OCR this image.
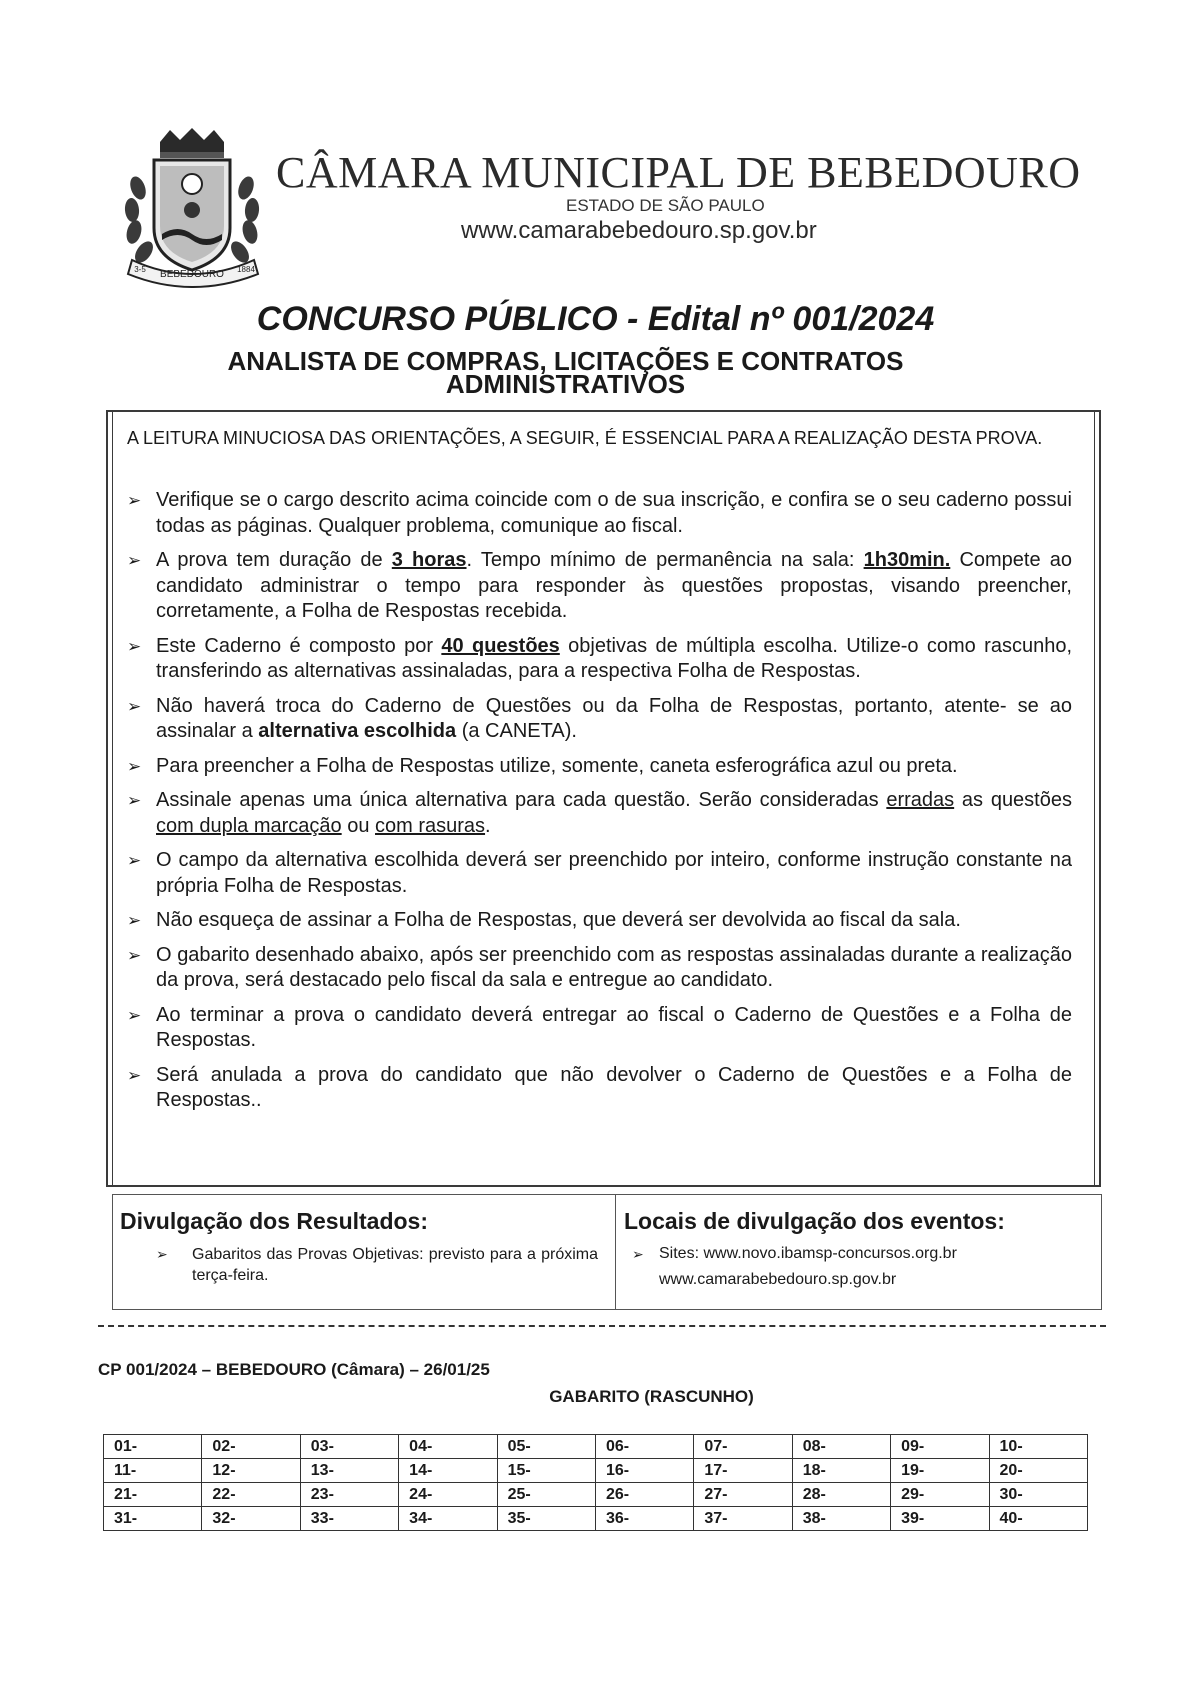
BEBEDOURO
3-5	1884
CÂMARA MUNICIPAL DE BEBEDOURO
ESTADO DE SÃO PAULO
www.camarabebedouro.sp.gov.br
CONCURSO PÚBLICO - Edital nº 001/2024
ANALISTA DE COMPRAS, LICITAÇÕES E CONTRATOS
ADMINISTRATIVOS
A LEITURA MINUCIOSA DAS ORIENTAÇÕES, A SEGUIR, É ESSENCIAL PARA A REALIZAÇÃO DESTA PROVA.
➢ Verifique se o cargo descrito acima coincide com o de sua inscrição, e confira se o seu caderno possui todas as páginas. Qualquer problema, comunique ao fiscal.
➢ A prova tem duração de 3 horas. Tempo mínimo de permanência na sala: 1h30min. Compete ao candidato administrar o tempo para responder às questões propostas, visando preencher, corretamente, a Folha de Respostas recebida.
➢ Este Caderno é composto por 40 questões objetivas de múltipla escolha. Utilize-o como rascunho, transferindo as alternativas assinaladas, para a respectiva Folha de Respostas.
➢ Não haverá troca do Caderno de Questões ou da Folha de Respostas, portanto, atente- se ao assinalar a alternativa escolhida (a CANETA).
➢ Para preencher a Folha de Respostas utilize, somente, caneta esferográfica azul ou preta.
➢ Assinale apenas uma única alternativa para cada questão. Serão consideradas erradas as questões com dupla marcação ou com rasuras.
➢ O campo da alternativa escolhida deverá ser preenchido por inteiro, conforme instrução constante na própria Folha de Respostas.
➢ Não esqueça de assinar a Folha de Respostas, que deverá ser devolvida ao fiscal da sala.
➢ O gabarito desenhado abaixo, após ser preenchido com as respostas assinaladas durante a realização da prova, será destacado pelo fiscal da sala e entregue ao candidato.
➢ Ao terminar a prova o candidato deverá entregar ao fiscal o Caderno de Questões e a Folha de Respostas.
➢ Será anulada a prova do candidato que não devolver o Caderno de Questões e a Folha de Respostas..
Divulgação dos Resultados:
➢	Gabaritos das Provas Objetivas: previsto para a próxima terça-feira.
Locais de divulgação dos eventos:
➢ Sites: www.novo.ibamsp-concursos.org.br
www.camarabebedouro.sp.gov.br
CP 001/2024 – BEBEDOURO (Câmara) – 26/01/25
GABARITO (RASCUNHO)
01-	02-	03-	04-	05-	06-	07-	08-	09-	10-
11-	12-	13-	14-	15-	16-	17-	18-	19-	20-
21-	22-	23-	24-	25-	26-	27-	28-	29-	30-
31-	32-	33-	34-	35-	36-	37-	38-	39-	40-
